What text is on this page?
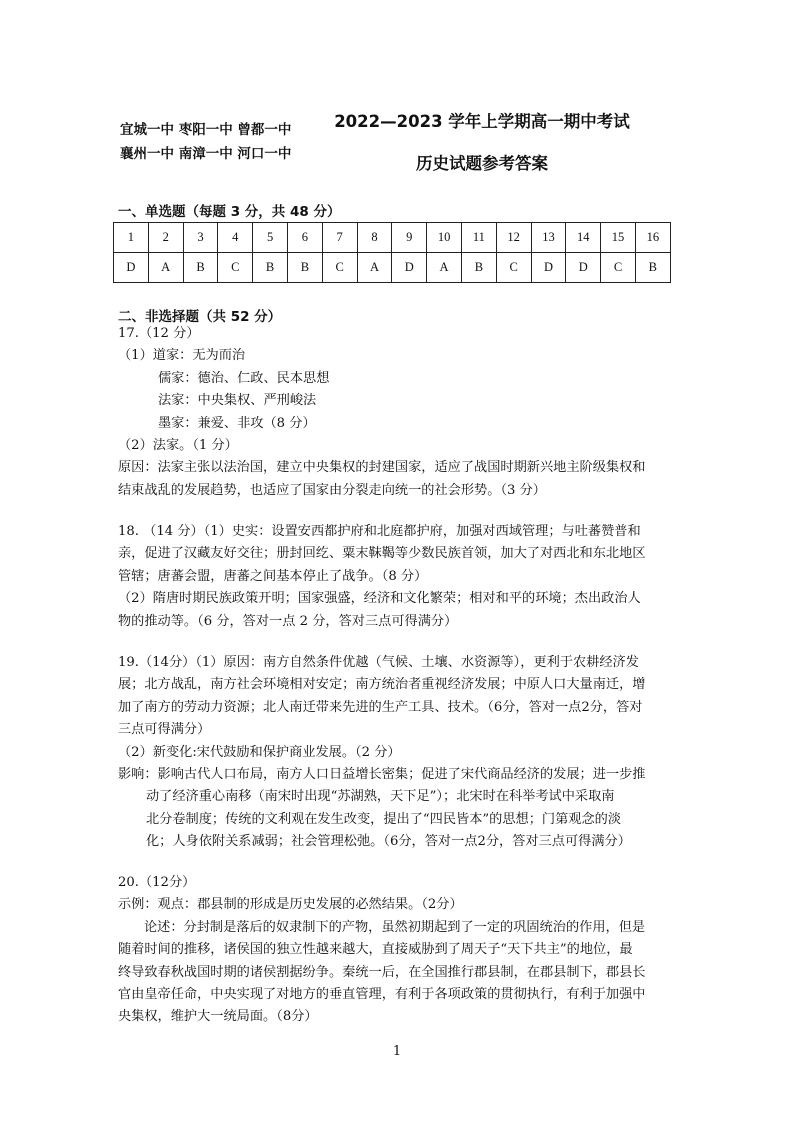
宜城一中 枣阳一中 曾都一中
襄州一中 南漳一中 河口一中
2022—2023 学年上学期高一期中考试
历史试题参考答案
一、单选题（每题 3 分，共 48 分）
1	2	3	4	5	6	7	8	9	10	11	12	13	14	15	16
D	A	B	C	B	B	C	A	D	A	B	C	D	D	C	B
二、非选择题（共 52 分）
17.（12 分）
（1）道家：无为而治
儒家：德治、仁政、民本思想
法家：中央集权、严刑峻法
墨家：兼爱、非攻（8 分）
（2）法家。（1 分）
原因：法家主张以法治国，建立中央集权的封建国家，适应了战国时期新兴地主阶级集权和
结束战乱的发展趋势，也适应了国家由分裂走向统一的社会形势。（3 分）
18. （14 分）（1）史实：设置安西都护府和北庭都护府，加强对西域管理；与吐蕃赞普和
亲，促进了汉藏友好交往；册封回纥、粟末靺鞨等少数民族首领，加大了对西北和东北地区
管辖；唐蕃会盟，唐蕃之间基本停止了战争。（8 分）
（2）隋唐时期民族政策开明；国家强盛，经济和文化繁荣；相对和平的环境；杰出政治人
物的推动等。（6 分，答对一点 2 分，答对三点可得满分）
19.（14分）（1）原因：南方自然条件优越（气候、土壤、水资源等），更利于农耕经济发
展；北方战乱，南方社会环境相对安定；南方统治者重视经济发展；中原人口大量南迁，增
加了南方的劳动力资源；北人南迁带来先进的生产工具、技术。（6分，答对一点2分，答对
三点可得满分）
（2）新变化:宋代鼓励和保护商业发展。（2 分）
影响：影响古代人口布局，南方人口日益增长密集；促进了宋代商品经济的发展；进一步推
动了经济重心南移（南宋时出现“苏湖熟，天下足”）；北宋时在科举考试中采取南
北分卷制度；传统的文利观在发生改变，提出了“四民皆本”的思想；门第观念的淡
化；人身依附关系减弱；社会管理松弛。（6分，答对一点2分，答对三点可得满分）
20.（12分）
示例：观点：郡县制的形成是历史发展的必然结果。（2分）
论述：分封制是落后的奴隶制下的产物，虽然初期起到了一定的巩固统治的作用，但是
随着时间的推移，诸侯国的独立性越来越大，直接威胁到了周天子“天下共主”的地位，最
终导致春秋战国时期的诸侯割据纷争。秦统一后，在全国推行郡县制，在郡县制下，郡县长
官由皇帝任命，中央实现了对地方的垂直管理，有利于各项政策的贯彻执行，有利于加强中
央集权，维护大一统局面。（8分）
1
